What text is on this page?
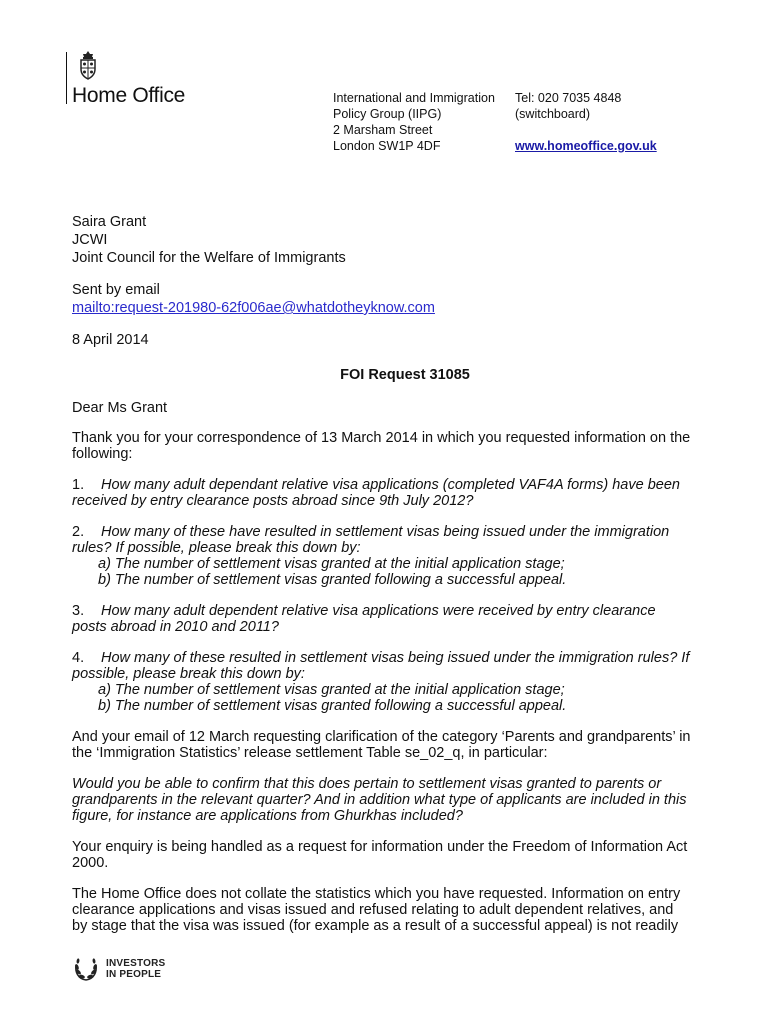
Home Office	International and Immigration
Policy Group (IIPG)
2 Marsham Street
London SW1P 4DF
Tel: 020 7035 4848
(switchboard)
www.homeoffice.gov.uk
Saira Grant
JCWI
Joint Council for the Welfare of Immigrants
Sent by email
mailto:request-201980-62f006ae@whatdotheyknow.com
8 April 2014
FOI Request 31085
Dear Ms Grant

Thank you for your correspondence of 13 March 2014 in which you requested information on the following:

1. How many adult dependant relative visa applications (completed VAF4A forms) have been received by entry clearance posts abroad since 9th July 2012?
2. How many of these have resulted in settlement visas being issued under the immigration rules? If possible, please break this down by:
a) The number of settlement visas granted at the initial application stage;
b) The number of settlement visas granted following a successful appeal.
3. How many adult dependent relative visa applications were received by entry clearance posts abroad in 2010 and 2011?
4. How many of these resulted in settlement visas being issued under the immigration rules? If possible, please break this down by:
a) The number of settlement visas granted at the initial application stage;
b) The number of settlement visas granted following a successful appeal.

And your email of 12 March requesting clarification of the category ‘Parents and grandparents’ in the ‘Immigration Statistics’ release settlement Table se_02_q, in particular:

Would you be able to confirm that this does pertain to settlement visas granted to parents or grandparents in the relevant quarter? And in addition what type of applicants are included in this figure, for instance are applications from Ghurkhas included?

Your enquiry is being handled as a request for information under the Freedom of Information Act 2000.

The Home Office does not collate the statistics which you have requested. Information on entry clearance applications and visas issued and refused relating to adult dependent relatives, and by stage that the visa was issued (for example as a result of a successful appeal) is not readily

INVESTORS
IN PEOPLE
